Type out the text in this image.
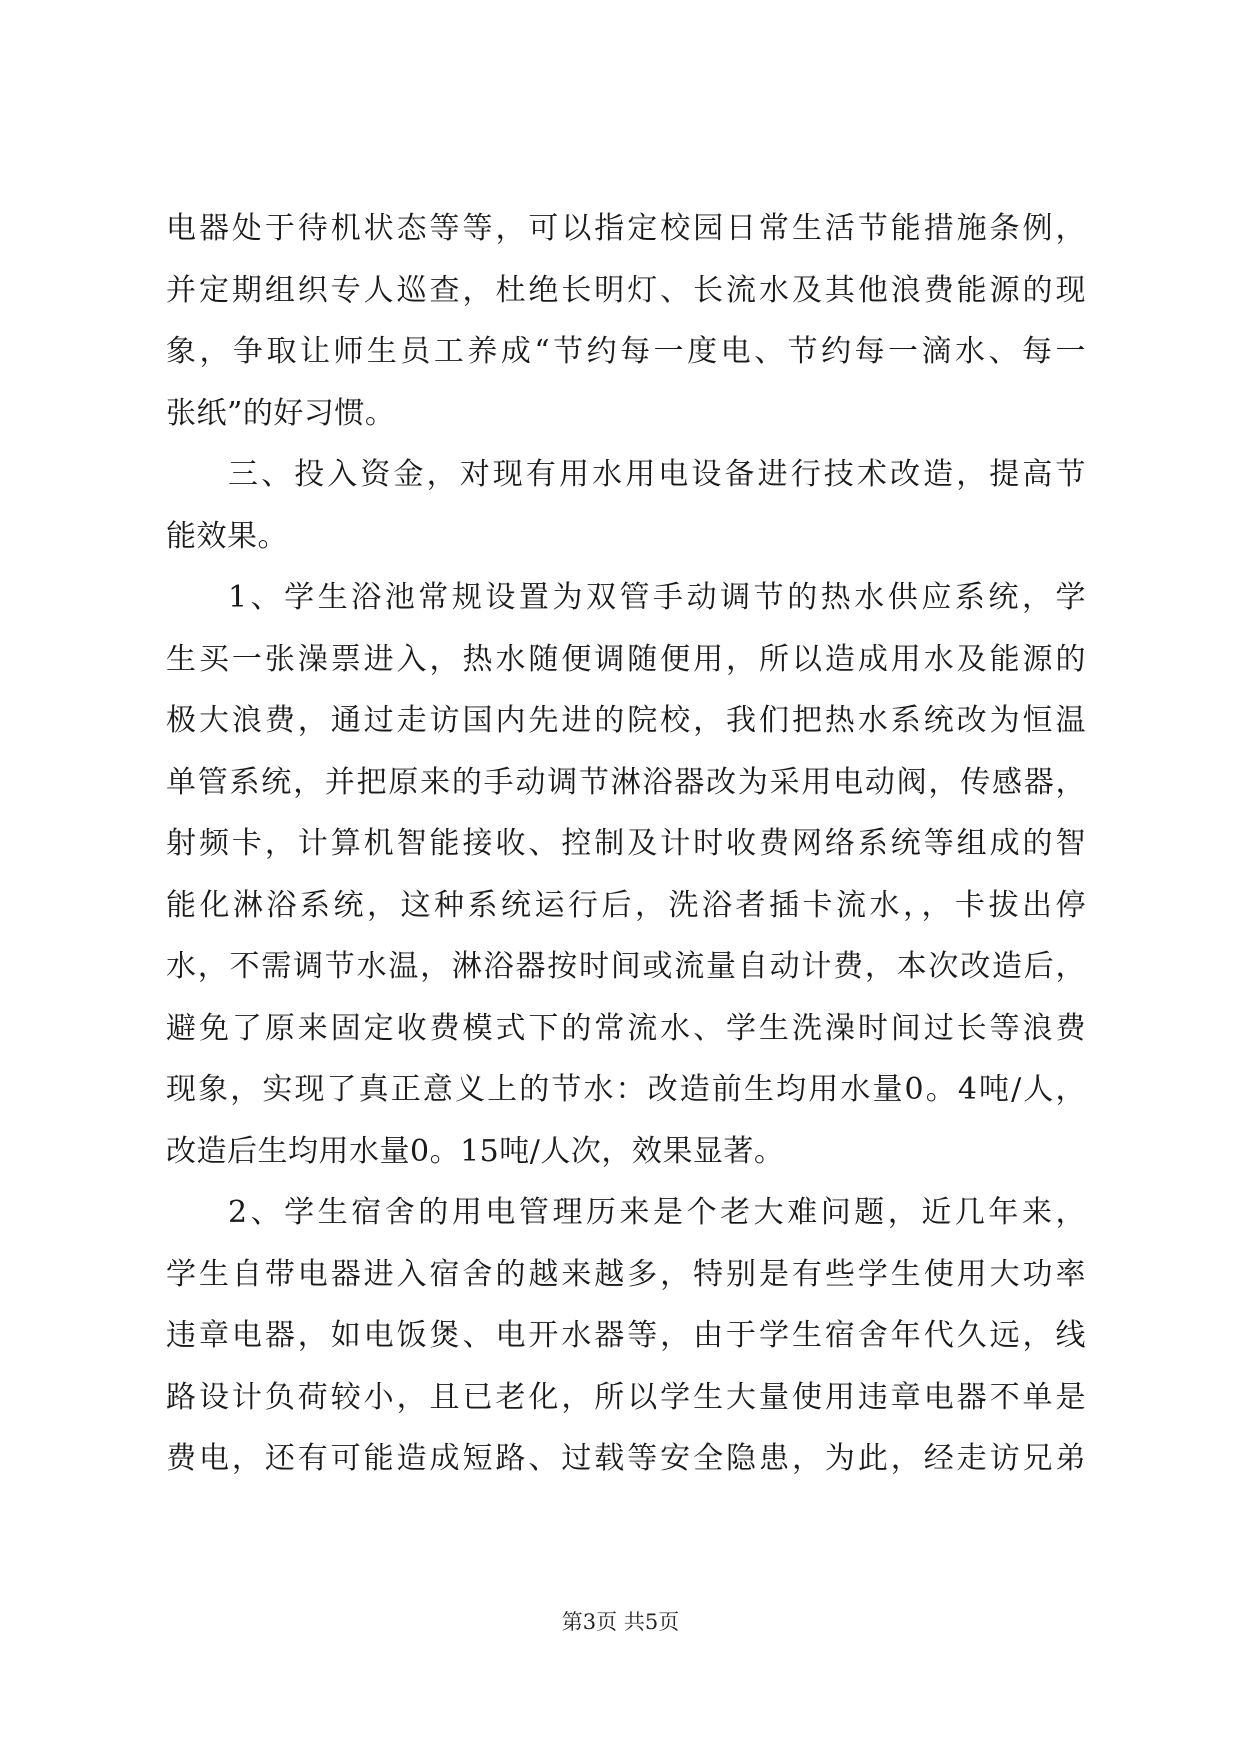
电器处于待机状态等等，可以指定校园日常生活节能措施条例，
并定期组织专人巡查，杜绝长明灯、长流水及其他浪费能源的现
象，争取让师生员工养成“节约每一度电、节约每一滴水、每一
张纸”的好习惯。
三、投入资金，对现有用水用电设备进行技术改造，提高节
能效果。
1、学生浴池常规设置为双管手动调节的热水供应系统，学
生买一张澡票进入，热水随便调随便用，所以造成用水及能源的
极大浪费，通过走访国内先进的院校，我们把热水系统改为恒温
单管系统，并把原来的手动调节淋浴器改为采用电动阀，传感器，
射频卡，计算机智能接收、控制及计时收费网络系统等组成的智
能化淋浴系统，这种系统运行后，洗浴者插卡流水，，卡拔出停
水，不需调节水温，淋浴器按时间或流量自动计费，本次改造后，
避免了原来固定收费模式下的常流水、学生洗澡时间过长等浪费
现象，实现了真正意义上的节水：改造前生均用水量0。4吨/人，
改造后生均用水量0。15吨/人次，效果显著。
2、学生宿舍的用电管理历来是个老大难问题，近几年来，
学生自带电器进入宿舍的越来越多，特别是有些学生使用大功率
违章电器，如电饭煲、电开水器等，由于学生宿舍年代久远，线
路设计负荷较小，且已老化，所以学生大量使用违章电器不单是
费电，还有可能造成短路、过载等安全隐患，为此，经走访兄弟
第3页 共5页
